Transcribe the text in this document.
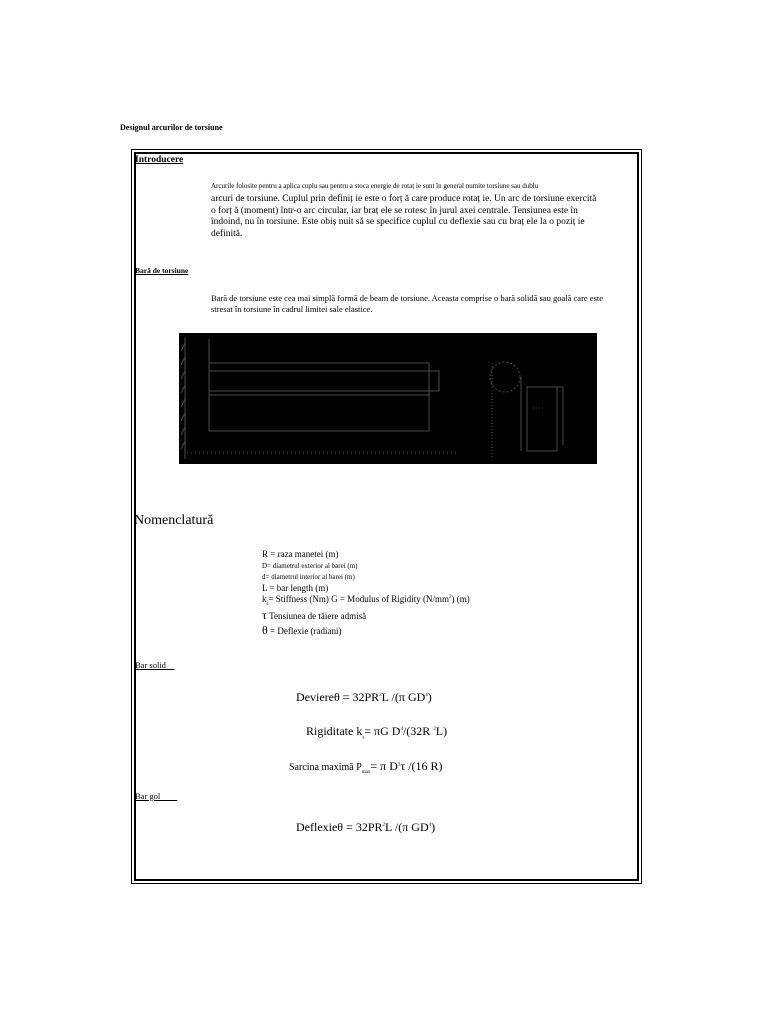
Designul arcurilor de torsiune
Introducere
Arcurile folosite pentru a aplica cuplu sau pentru a stoca energie de rotaț ie sunt în general numite torsiune sau dublu
arcuri de torsiune. Cuplul prin definiț ie este o forț ă care produce rotaț ie. Un arc de torsiune exercită o forț ă (moment) într-o arc circular, iar braț ele se rotesc în jurul axei centrale. Tensiunea este în îndoind, nu în torsiune. Este obiș nuit să se specifice cuplul cu deflexie sau cu braț ele la o poziț ie definită.
Bară de torsiune
Bară de torsiune este cea mai simplă formă de beam de torsiune. Aceasta comprise o bară solidă sau goală care este stresat în torsiune în cadrul limitei sale elastice.
Nomenclatură
R = raza manetei (m)
D= diametrul exterior al barei (m)
d= diametrul interior al barei (m)
L = bar length (m)
$k_s=$ Stiffness (Nm) G = Modulus of Rigidity $(N/mm^2)$ (m)
τ Tensiunea de tăiere admisă
θ = Deflexie (radiani)
Bar solid
Deviereθ = $32PR^2L$ /(π $GD^4$)
Rigiditate $k_s= \pi G$ $D^4/(32R$ $^2$L)
Sarcina maximă $P_{max}= \pi$ $D^3\tau$ /(16 R)
Bar gol
Deflexieθ = $32PR^2L$ /(π $GD^4$)
